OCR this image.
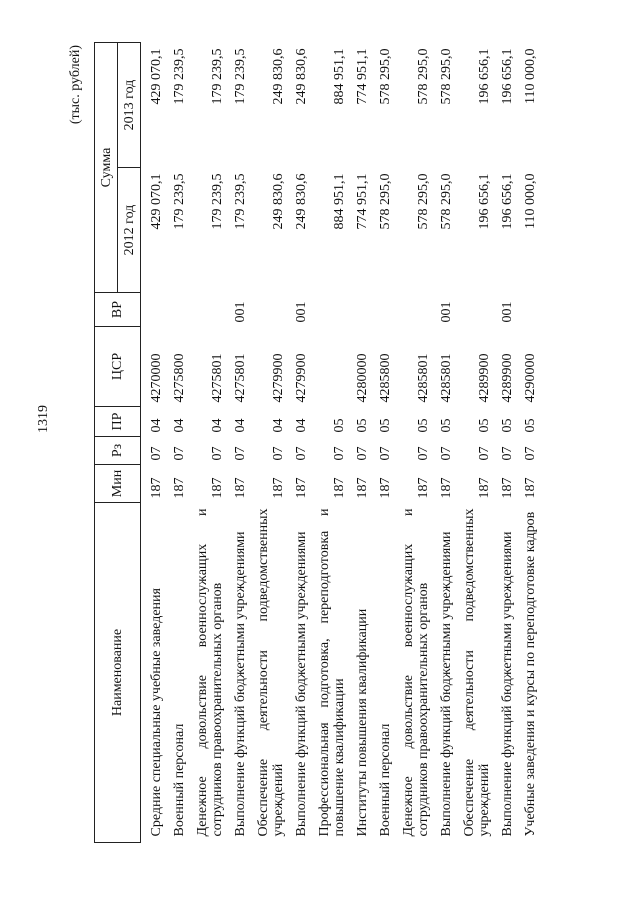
1319
(тыс. рублей)
Наименование	Мин	Рз	ПР	ЦСР	ВР	Сумма	
						2012 год	2013 год
Средние специальные учебные заведения	187	07	04	4270000		429 070,1	429 070,1
Военный персонал	187	07	04	4275800		179 239,5	179 239,5
Денежное довольствие военнослужащих и сотрудников правоохранительных органов	187	07	04	4275801		179 239,5	179 239,5
Выполнение функций бюджетными учреждениями	187	07	04	4275801	001	179 239,5	179 239,5
Обеспечение деятельности подведомственных учреждений	187	07	04	4279900		249 830,6	249 830,6
Выполнение функций бюджетными учреждениями	187	07	04	4279900	001	249 830,6	249 830,6
Профессиональная подготовка, переподготовка и повышение квалификации	187	07	05			884 951,1	884 951,1
Институты повышения квалификации	187	07	05	4280000		774 951,1	774 951,1
Военный персонал	187	07	05	4285800		578 295,0	578 295,0
Денежное довольствие военнослужащих и сотрудников правоохранительных органов	187	07	05	4285801		578 295,0	578 295,0
Выполнение функций бюджетными учреждениями	187	07	05	4285801	001	578 295,0	578 295,0
Обеспечение деятельности подведомственных учреждений	187	07	05	4289900		196 656,1	196 656,1
Выполнение функций бюджетными учреждениями	187	07	05	4289900	001	196 656,1	196 656,1
Учебные заведения и курсы по переподготовке кадров	187	07	05	4290000		110 000,0	110 000,0
